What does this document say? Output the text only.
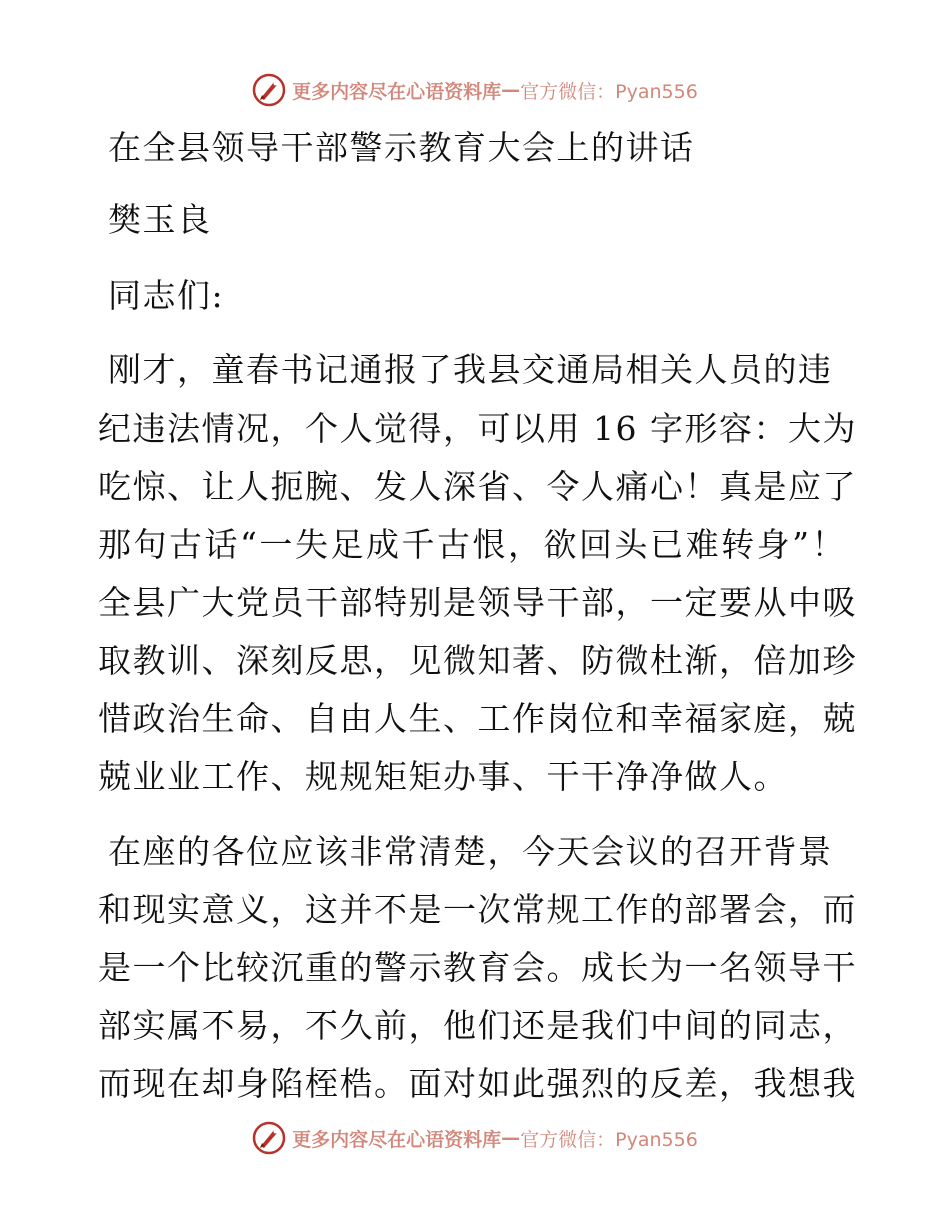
更多内容尽在心语资料库 — 官方微信：Pyan556
在全县领导干部警示教育大会上的讲话
樊玉良
同志们:
刚才，童春书记通报了我县交通局相关人员的违
纪违法情况，个人觉得，可以用 16 字形容：大为
吃惊、让人扼腕、发人深省、令人痛心！真是应了
那句古话“一失足成千古恨，欲回头已难转身”！
全县广大党员干部特别是领导干部，一定要从中吸
取教训、深刻反思，见微知著、防微杜渐，倍加珍
惜政治生命、自由人生、工作岗位和幸福家庭，兢
兢业业工作、规规矩矩办事、干干净净做人。
在座的各位应该非常清楚，今天会议的召开背景
和现实意义，这并不是一次常规工作的部署会，而
是一个比较沉重的警示教育会。成长为一名领导干
部实属不易，不久前，他们还是我们中间的同志，
而现在却身陷桎梏。面对如此强烈的反差，我想我
更多内容尽在心语资料库 — 官方微信：Pyan556
